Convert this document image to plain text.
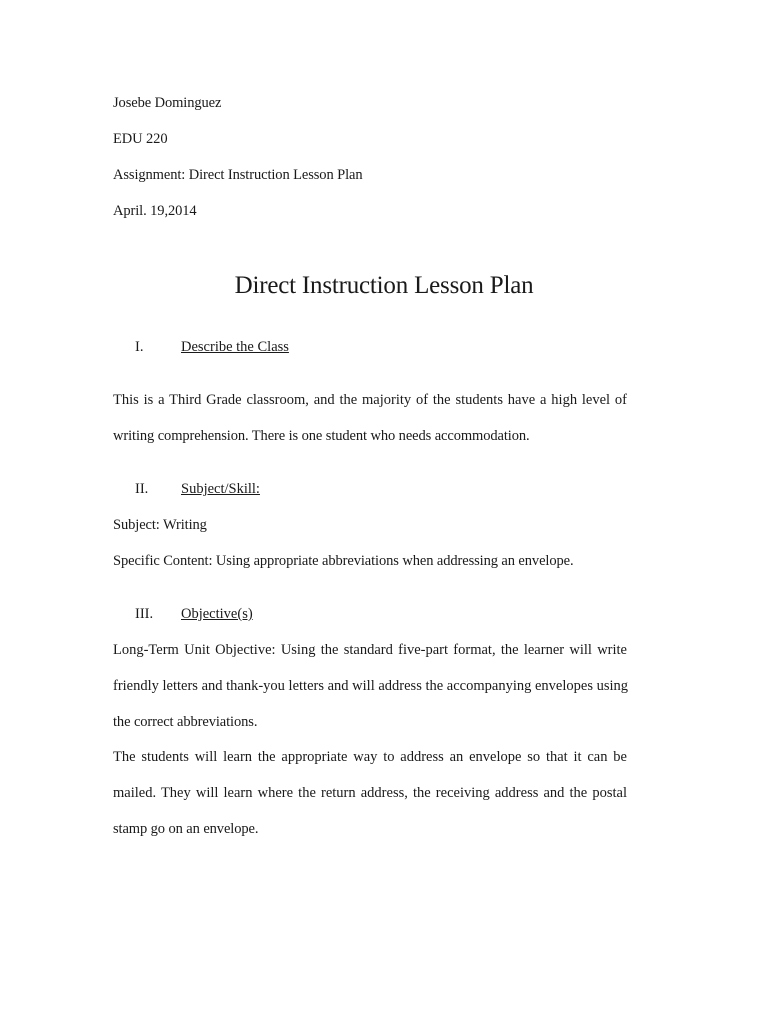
Josebe Dominguez
EDU 220
Assignment: Direct Instruction Lesson Plan
April. 19,2014
Direct Instruction Lesson Plan
I.	Describe the Class
This is a Third Grade classroom, and the majority of the students have a high level of
writing comprehension. There is one student who needs accommodation.
II. Subject/Skill:
Subject: Writing
Specific Content: Using appropriate abbreviations when addressing an envelope.
III. Objective(s)
Long-Term Unit Objective: Using the standard five-part format, the learner will write
friendly letters and thank-you letters and will address the accompanying envelopes using
the correct abbreviations.
The students will learn the appropriate way to address an envelope so that it can be
mailed. They will learn where the return address, the receiving address and the postal
stamp go on an envelope.
